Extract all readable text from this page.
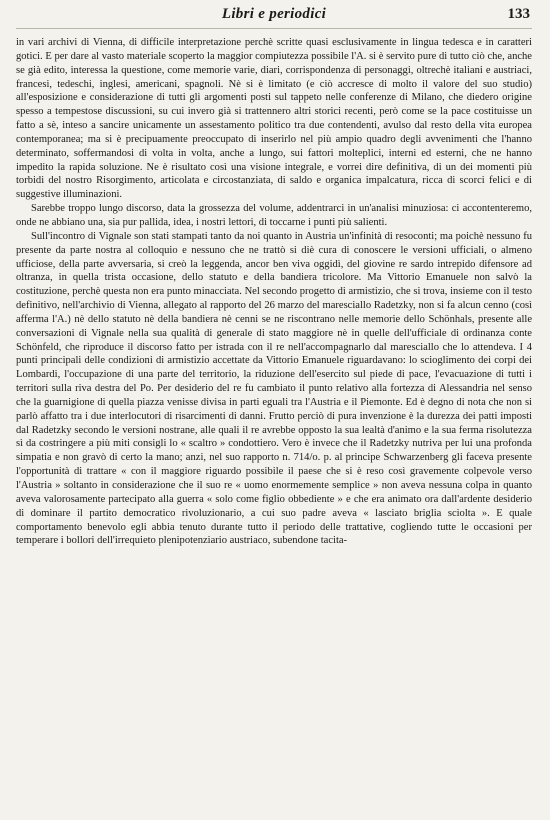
Libri e periodici	133

in vari archivi di Vienna, di difficile interpretazione perchè scritte quasi esclusivamente in lingua tedesca e in caratteri gotici. E per dare al vasto materiale scoperto la maggior compiutezza possibile l'A. si è servito pure di tutto ciò che, anche se già edito, interessa la questione, come memorie varie, diari, corrispondenza di personaggi, oltrechè italiani e austriaci, francesi, tedeschi, inglesi, americani, spagnoli. Nè si è limitato (e ciò accresce di molto il valore del suo studio) all'esposizione e considerazione di tutti gli argomenti posti sul tappeto nelle conferenze di Milano, che diedero origine spesso a tempestose discussioni, su cui invero già si trattennero altri storici recenti, però come se la pace costituisse un fatto a sè, inteso a sancire unicamente un assestamento politico tra due contendenti, avulso dal resto della vita europea contemporanea; ma si è precipuamente preoccupato di inserirlo nel più ampio quadro degli avvenimenti che l'hanno determinato, soffermandosi di volta in volta, anche a lungo, sui fattori molteplici, interni ed esterni, che ne hanno impedito la rapida soluzione. Ne è risultato così una visione integrale, e vorrei dire definitiva, di un dei momenti più torbidi del nostro Risorgimento, articolata e circostanziata, di saldo e organica impalcatura, ricca di scorci felici e di suggestive illuminazioni.

Sarebbe troppo lungo discorso, data la grossezza del volume, addentrarci in un'analisi minuziosa: ci accontenteremo, onde ne abbiano una, sia pur pallida, idea, i nostri lettori, di toccarne i punti più salienti.

Sull'incontro di Vignale son stati stampati tanto da noi quanto in Austria un'infinità di resoconti; ma poichè nessuno fu presente da parte nostra al colloquio e nessuno che ne trattò si diè cura di conoscere le versioni ufficiali, o almeno ufficiose, della parte avversaria, si creò la leggenda, ancor ben viva oggidì, del giovine re sardo intrepido difensore ad oltranza, in quella trista occasione, dello statuto e della bandiera tricolore. Ma Vittorio Emanuele non salvò la costituzione, perchè questa non era punto minacciata. Nel secondo progetto di armistizio, che si trova, insieme con il testo definitivo, nell'archivio di Vienna, allegato al rapporto del 26 marzo del maresciallo Radetzky, non si fa alcun cenno (così afferma l'A.) nè dello statuto nè della bandiera nè cenni se ne riscontrano nelle memorie dello Schönhals, presente alle conversazioni di Vignale nella sua qualità di generale di stato maggiore nè in quelle dell'ufficiale di ordinanza conte Schönfeld, che riproduce il discorso fatto per istrada con il re nell'accompagnarlo dal maresciallo che lo attendeva. I 4 punti principali delle condizioni di armistizio accettate da Vittorio Emanuele riguardavano: lo scioglimento dei corpi dei Lombardi, l'occupazione di una parte del territorio, la riduzione dell'esercito sul piede di pace, l'evacuazione di tutti i territori sulla riva destra del Po. Per desiderio del re fu cambiato il punto relativo alla fortezza di Alessandria nel senso che la guarnigione di quella piazza venisse divisa in parti eguali tra l'Austria e il Piemonte. Ed è degno di nota che non si parlò affatto tra i due interlocutori di risarcimenti di danni. Frutto perciò di pura invenzione è la durezza dei patti imposti dal Radetzky secondo le versioni nostrane, alle quali il re avrebbe opposto la sua lealtà d'animo e la sua ferma risolutezza sì da costringere a più miti consigli lo « scaltro » condottiero. Vero è invece che il Radetzky nutriva per lui una profonda simpatia e non gravò di certo la mano; anzi, nel suo rapporto n. 714/o. p. al principe Schwarzenberg gli faceva presente l'opportunità di trattare « con il maggiore riguardo possibile il paese che si è reso così gravemente colpevole verso l'Austria » soltanto in considerazione che il suo re « uomo enormemente semplice » non aveva nessuna colpa in quanto aveva valorosamente partecipato alla guerra « solo come figlio obbediente » e che era animato ora dall'ardente desiderio di dominare il partito democratico rivoluzionario, a cui suo padre aveva « lasciato briglia sciolta ». E quale comportamento benevolo egli abbia tenuto durante tutto il periodo delle trattative, cogliendo tutte le occasioni per temperare i bollori dell'irrequieto plenipotenziario austriaco, subendone tacita-
